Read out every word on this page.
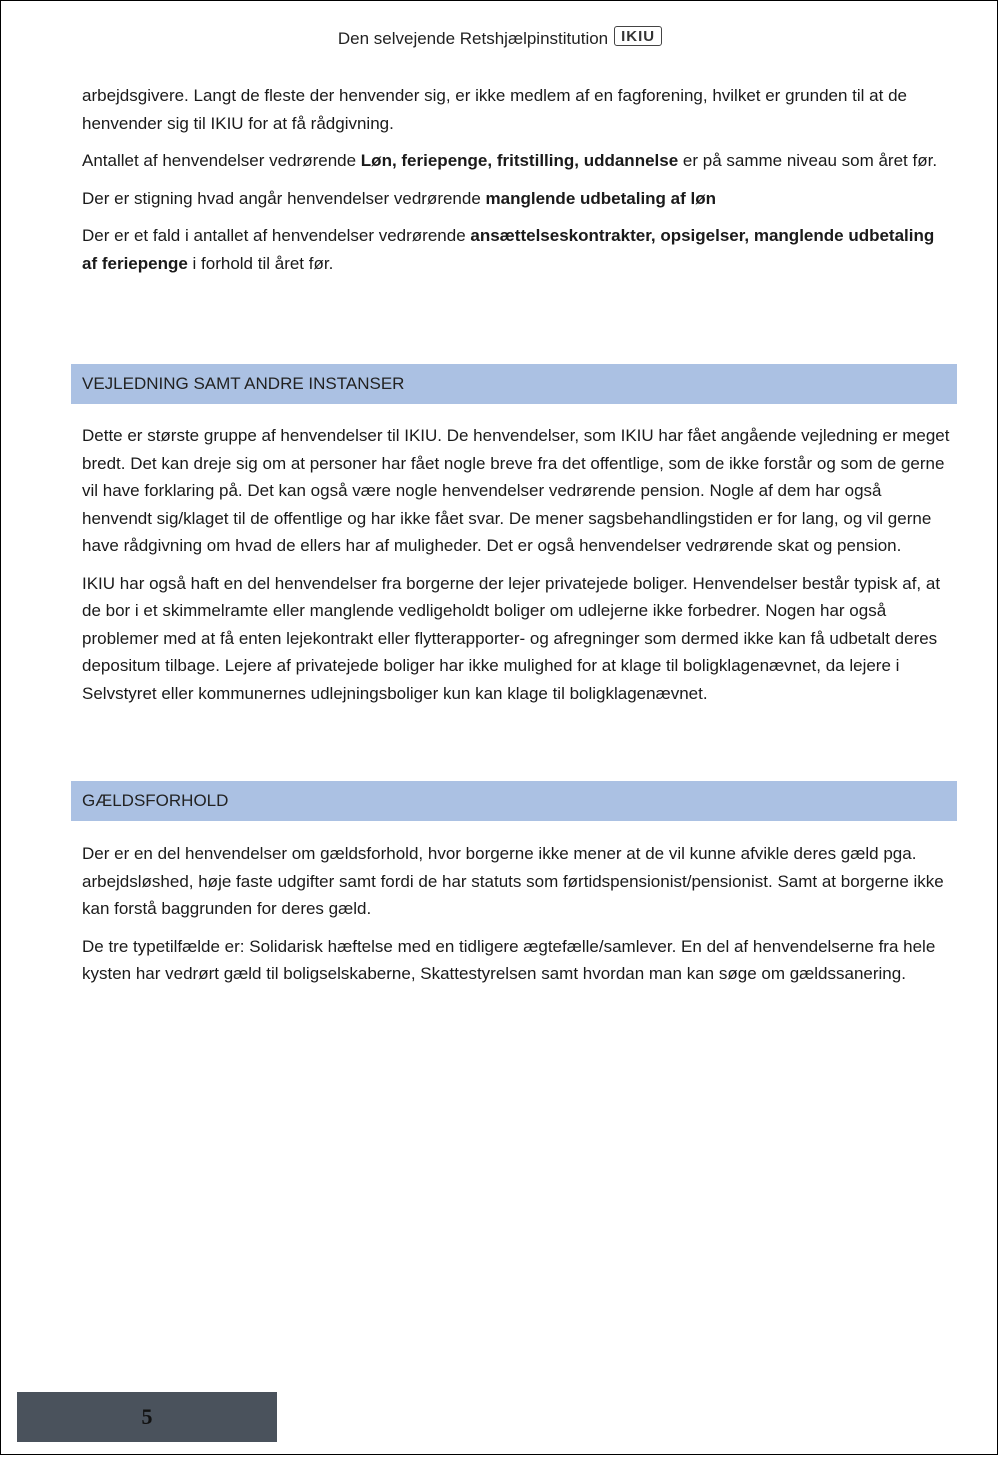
Den selvejende Retshjælpinstitution IKIU

arbejdsgivere. Langt de fleste der henvender sig, er ikke medlem af en fagforening, hvilket er grunden til at de henvender sig til IKIU for at få rådgivning.

Antallet af henvendelser vedrørende Løn, feriepenge, fritstilling, uddannelse er på samme niveau som året før.

Der er stigning hvad angår henvendelser vedrørende manglende udbetaling af løn

Der er et fald i antallet af henvendelser vedrørende ansættelseskontrakter, opsigelser, manglende udbetaling af feriepenge i forhold til året før.

VEJLEDNING SAMT ANDRE INSTANSER

Dette er største gruppe af henvendelser til IKIU. De henvendelser, som IKIU har fået angående vejledning er meget bredt. Det kan dreje sig om at personer har fået nogle breve fra det offentlige, som de ikke forstår og som de gerne vil have forklaring på. Det kan også være nogle henvendelser vedrørende pension. Nogle af dem har også henvendt sig/klaget til de offentlige og har ikke fået svar. De mener sagsbehandlingstiden er for lang, og vil gerne have rådgivning om hvad de ellers har af muligheder. Det er også henvendelser vedrørende skat og pension.

IKIU har også haft en del henvendelser fra borgerne der lejer privatejede boliger. Henvendelser består typisk af, at de bor i et skimmelramte eller manglende vedligeholdt boliger om udlejerne ikke forbedrer. Nogen har også problemer med at få enten lejekontrakt eller flytterapporter- og afregninger som dermed ikke kan få udbetalt deres depositum tilbage. Lejere af privatejede boliger har ikke mulighed for at klage til boligklagenævnet, da lejere i Selvstyret eller kommunernes udlejningsboliger kun kan klage til boligklagenævnet.

GÆLDSFORHOLD

Der er en del henvendelser om gældsforhold, hvor borgerne ikke mener at de vil kunne afvikle deres gæld pga. arbejdsløshed, høje faste udgifter samt fordi de har statuts som førtidspensionist/pensionist. Samt at borgerne ikke kan forstå baggrunden for deres gæld.

De tre typetilfælde er: Solidarisk hæftelse med en tidligere ægtefælle/samlever. En del af henvendelserne fra hele kysten har vedrørt gæld til boligselskaberne, Skattestyrelsen samt hvordan man kan søge om gældssanering.

5
